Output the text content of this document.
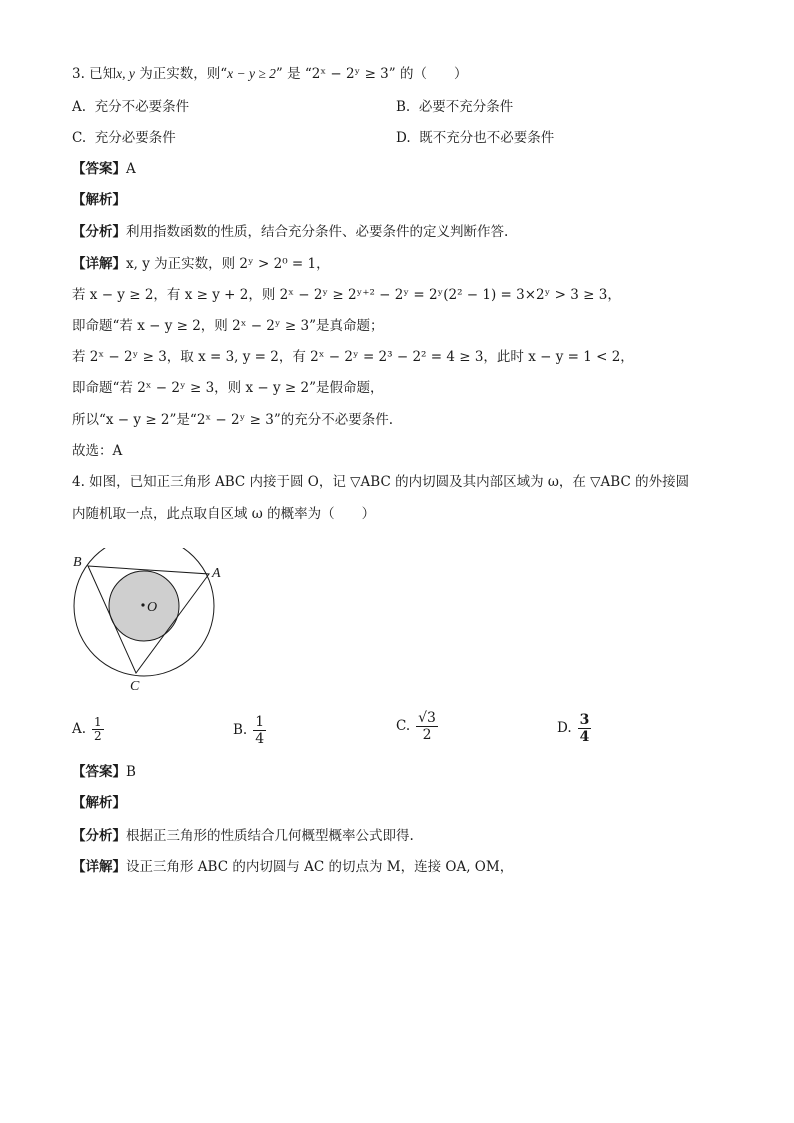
3. 已知x, y 为正实数，则“x − y ≥ 2” 是 “2ˣ − 2ʸ ≥ 3” 的（　　）
A. 充分不必要条件	B. 必要不充分条件
C. 充分必要条件	D. 既不充分也不必要条件
【答案】A
【解析】
【分析】利用指数函数的性质，结合充分条件、必要条件的定义判断作答.
【详解】x, y 为正实数，则 2ʸ > 2⁰ = 1，
若 x − y ≥ 2，有 x ≥ y + 2，则 2ˣ − 2ʸ ≥ 2ʸ⁺² − 2ʸ = 2ʸ(2² − 1) = 3×2ʸ > 3 ≥ 3，
即命题“若 x − y ≥ 2，则 2ˣ − 2ʸ ≥ 3”是真命题；
若 2ˣ − 2ʸ ≥ 3，取 x = 3, y = 2，有 2ˣ − 2ʸ = 2³ − 2² = 4 ≥ 3，此时 x − y = 1 < 2，
即命题“若 2ˣ − 2ʸ ≥ 3，则 x − y ≥ 2”是假命题，
所以“x − y ≥ 2”是“2ˣ − 2ʸ ≥ 3”的充分不必要条件.
故选：A
4. 如图，已知正三角形 ABC 内接于圆 O，记 ▽ABC 的内切圆及其内部区域为 ω，在 ▽ABC 的外接圆
内随机取一点，此点取自区域 ω 的概率为（　　）
O
B
A
C
A. $\frac{1}{2}$	B. $\frac{1}{4}$	C. $\frac{√3}{2}$	D. $\frac{3}{4}$
【答案】B
【解析】
【分析】根据正三角形的性质结合几何概型概率公式即得.
【详解】设正三角形 ABC 的内切圆与 AC 的切点为 M，连接 OA, OM，
